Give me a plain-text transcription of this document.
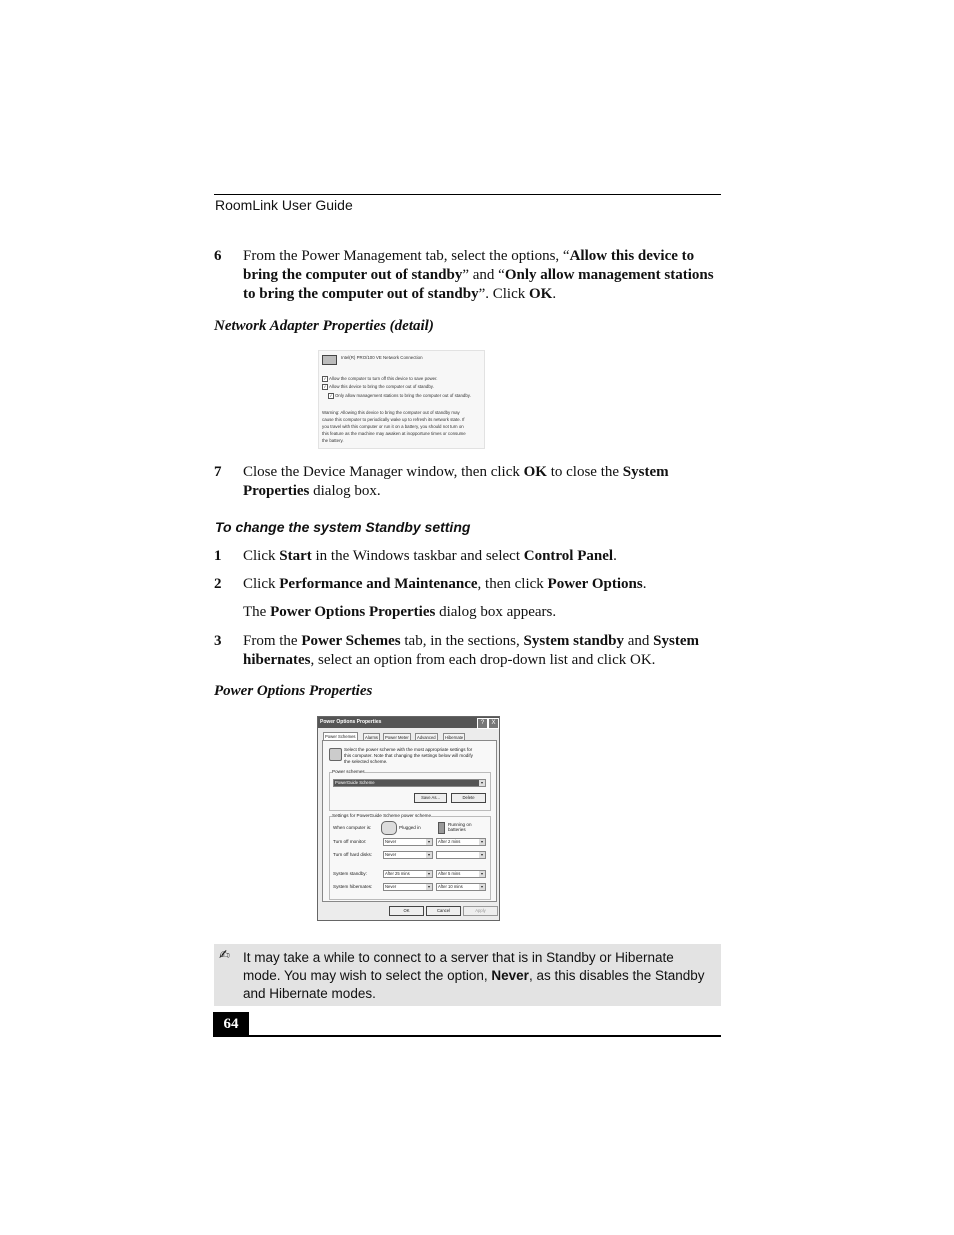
RoomLink User Guide
6 From the Power Management tab, select the options, “Allow this device to bring the computer out of standby” and “Only allow management stations to bring the computer out of standby”. Click OK.
Network Adapter Properties (detail)
Intel(R) PRO/100 VE Network Connection
✓ Allow the computer to turn off this device to save power.
✓ Allow this device to bring the computer out of standby.
✓ Only allow management stations to bring the computer out of standby.
Warning: Allowing this device to bring the computer out of standby may
cause this computer to periodically wake up to refresh its network state. If
you travel with this computer or run it on a battery, you should not turn on
this feature as the machine may awaken at inopportune times or consume
the battery.
7 Close the Device Manager window, then click OK to close the System Properties dialog box.
To change the system Standby setting
1 Click Start in the Windows taskbar and select Control Panel.
2 Click Performance and Maintenance, then click Power Options.
The Power Options Properties dialog box appears.
3 From the Power Schemes tab, in the sections, System standby and System hibernates, select an option from each drop-down list and click OK.
Power Options Properties
Power Options Properties	?	X
Power Schemes	Alarms	Power Meter	Advanced	Hibernate
Select the power scheme with the most appropriate settings for
this computer. Note that changing the settings below will modify
the selected scheme.
Power schemes
PowerGuide Scheme	▾
Save As...	Delete
Settings for PowerGuide Scheme power scheme
When computer is:	Plugged in
Running on
batteries
Turn off monitor:	Never	▾	After 2 mins	▾
Turn off hard disks:	Never	▾	▾
System standby:	After 25 mins	▾	After 5 mins	▾
System hibernates:	Never	▾	After 10 mins	▾
OK	Cancel	Apply
✍ It may take a while to connect to a server that is in Standby or Hibernate mode. You may wish to select the option, Never, as this disables the Standby and Hibernate modes.
64
